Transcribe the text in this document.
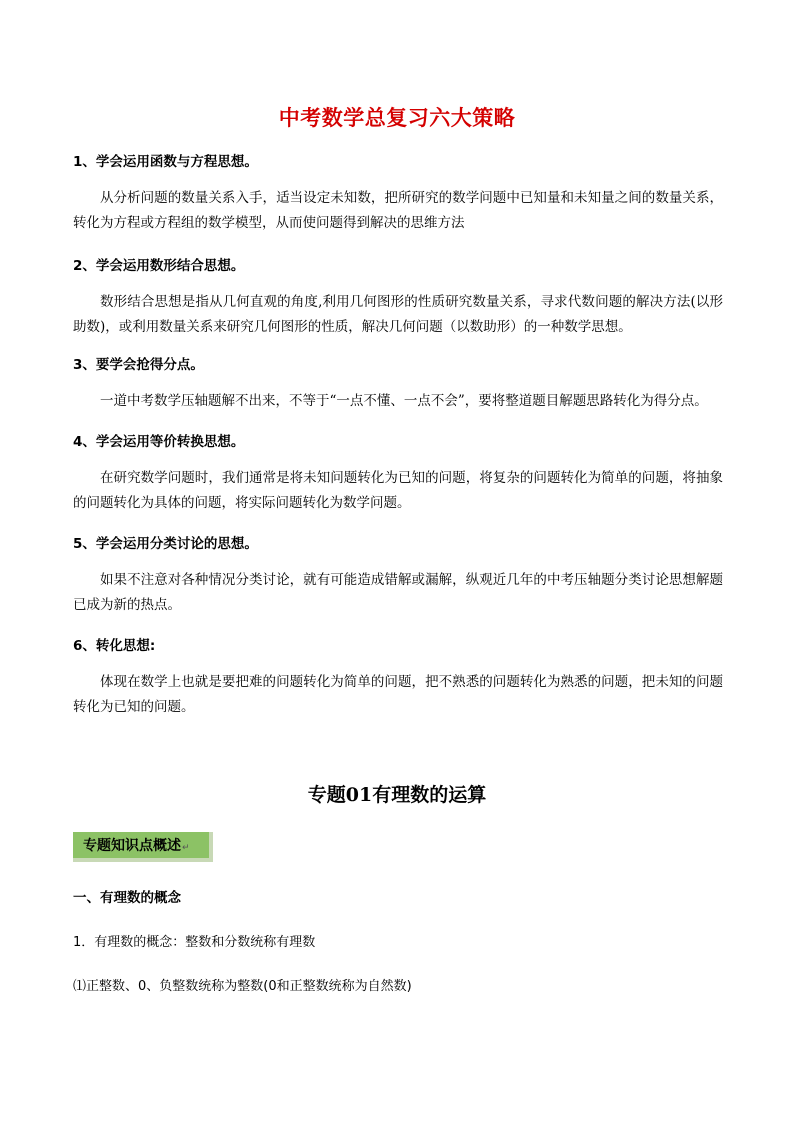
中考数学总复习六大策略

1、学会运用函数与方程思想。

从分析问题的数量关系入手，适当设定未知数，把所研究的数学问题中已知量和未知量之间的数量关系，转化为方程或方程组的数学模型，从而使问题得到解决的思维方法

2、学会运用数形结合思想。

数形结合思想是指从几何直观的角度,利用几何图形的性质研究数量关系，寻求代数问题的解决方法(以形助数)，或利用数量关系来研究几何图形的性质，解决几何问题（以数助形）的一种数学思想。

3、要学会抢得分点。

一道中考数学压轴题解不出来，不等于“一点不懂、一点不会”，要将整道题目解题思路转化为得分点。

4、学会运用等价转换思想。

在研究数学问题时，我们通常是将未知问题转化为已知的问题，将复杂的问题转化为简单的问题，将抽象的问题转化为具体的问题，将实际问题转化为数学问题。

5、学会运用分类讨论的思想。

如果不注意对各种情况分类讨论，就有可能造成错解或漏解，纵观近几年的中考压轴题分类讨论思想解题已成为新的热点。

6、转化思想:

体现在数学上也就是要把难的问题转化为简单的问题，把不熟悉的问题转化为熟悉的问题，把未知的问题转化为已知的问题。

专题01有理数的运算
专题知识点概述↵
一、有理数的概念
1．有理数的概念：整数和分数统称有理数
⑴正整数、0、负整数统称为整数(0和正整数统称为自然数)
